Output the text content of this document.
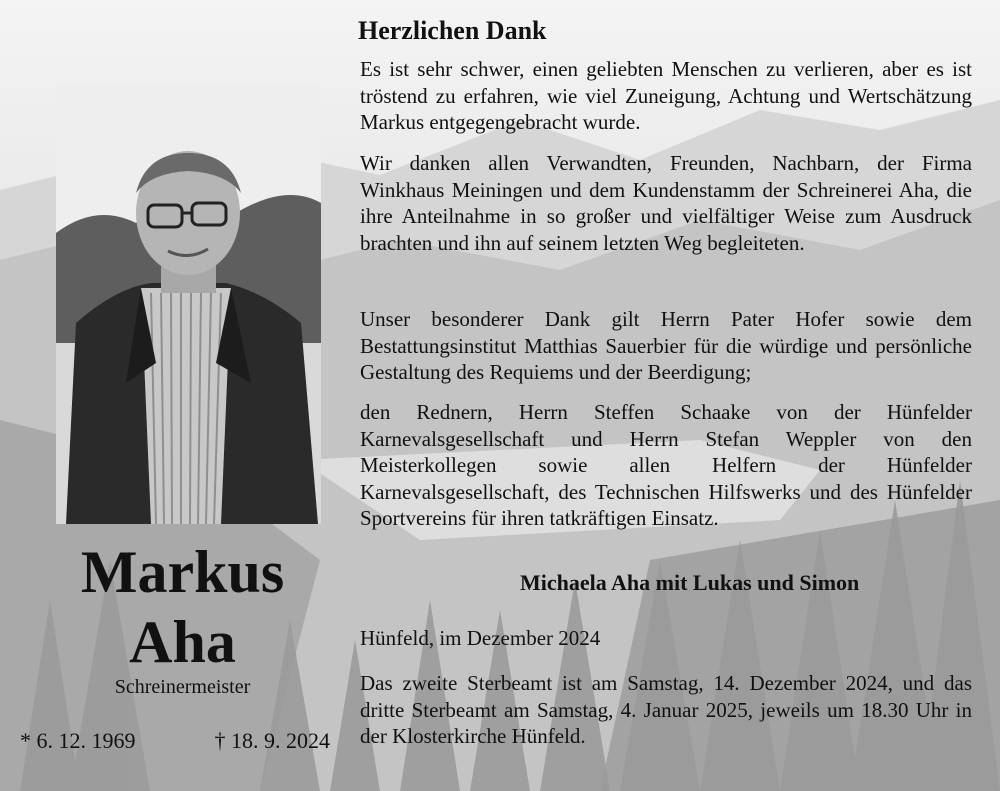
Markus
Aha
Schreinermeister
* 6. 12. 1969	† 18. 9. 2024
Herzlichen Dank

Es ist sehr schwer, einen geliebten Menschen zu verlieren, aber es ist tröstend zu erfahren, wie viel Zuneigung, Achtung und Wertschätzung Markus entgegengebracht wurde.

Wir danken allen Verwandten, Freunden, Nachbarn, der Firma Winkhaus Meiningen und dem Kundenstamm der Schreinerei Aha, die ihre Anteilnahme in so großer und vielfältiger Weise zum Ausdruck brachten und ihn auf seinem letzten Weg begleiteten.

Unser besonderer Dank gilt Herrn Pater Hofer sowie dem Bestattungsinstitut Matthias Sauerbier für die würdige und persönliche Gestaltung des Requiems und der Beerdigung;

den Rednern, Herrn Steffen Schaake von der Hünfelder Karnevalsgesellschaft und Herrn Stefan Weppler von den Meisterkollegen sowie allen Helfern der Hünfelder Karnevalsgesellschaft, des Technischen Hilfswerks und des Hünfelder Sportvereins für ihren tatkräftigen Einsatz.

Michaela Aha mit Lukas und Simon
Hünfeld, im Dezember 2024

Das zweite Sterbeamt ist am Samstag, 14. Dezember 2024, und das dritte Sterbeamt am Samstag, 4. Januar 2025, jeweils um 18.30 Uhr in der Klosterkirche Hünfeld.
